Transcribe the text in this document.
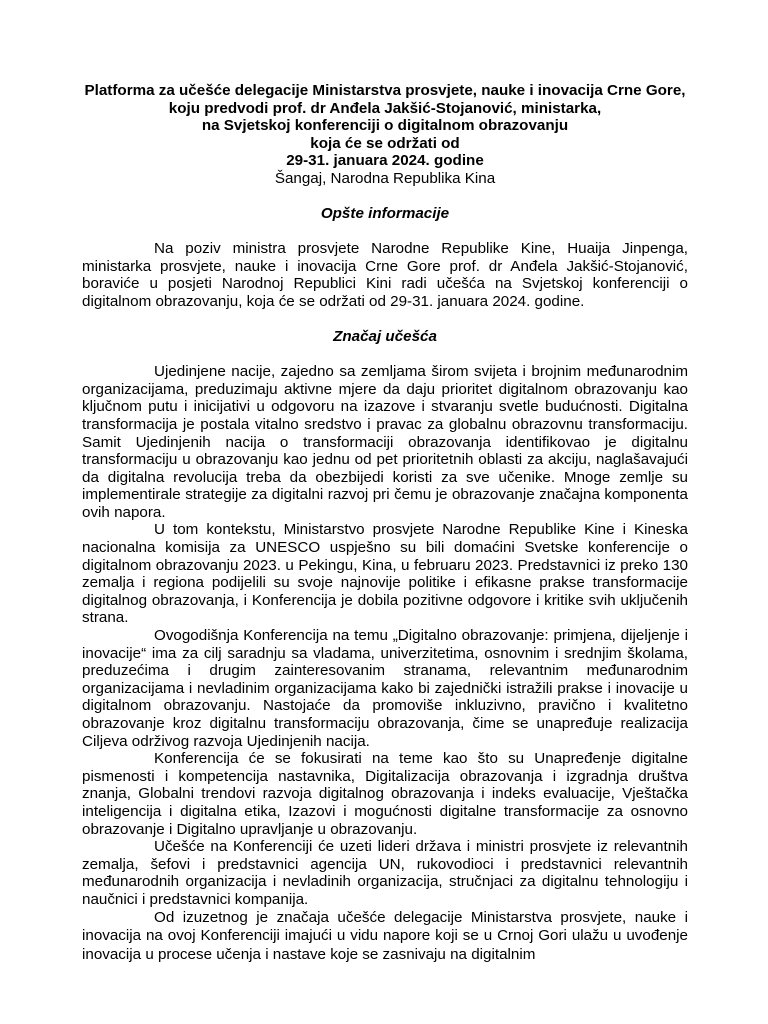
Platforma za učešće delegacije Ministarstva prosvjete, nauke i inovacija Crne Gore, koju predvodi prof. dr Anđela Jakšić-Stojanović, ministarka,
na Svjetskoj konferenciji o digitalnom obrazovanju
koja će se održati od
29-31. januara 2024. godine
Šangaj, Narodna Republika Kina
Opšte informacije

Na poziv ministra prosvjete Narodne Republike Kine, Huaija Jinpenga, ministarka prosvjete, nauke i inovacija Crne Gore prof. dr Anđela Jakšić-Stojanović, boraviće u posjeti Narodnoj Republici Kini radi učešća na Svjetskoj konferenciji o digitalnom obrazovanju, koja će se održati od 29-31. januara 2024. godine.

Značaj učešća

Ujedinjene nacije, zajedno sa zemljama širom svijeta i brojnim međunarodnim organizacijama, preduzimaju aktivne mjere da daju prioritet digitalnom obrazovanju kao ključnom putu i inicijativi u odgovoru na izazove i stvaranju svetle budućnosti. Digitalna transformacija je postala vitalno sredstvo i pravac za globalnu obrazovnu transformaciju. Samit Ujedinjenih nacija o transformaciji obrazovanja identifikovao je digitalnu transformaciju u obrazovanju kao jednu od pet prioritetnih oblasti za akciju, naglašavajući da digitalna revolucija treba da obezbijedi koristi za sve učenike. Mnoge zemlje su implementirale strategije za digitalni razvoj pri čemu je obrazovanje značajna komponenta ovih napora.

U tom kontekstu, Ministarstvo prosvjete Narodne Republike Kine i Kineska nacionalna komisija za UNESCO uspješno su bili domaćini Svetske konferencije o digitalnom obrazovanju 2023. u Pekingu, Kina, u februaru 2023. Predstavnici iz preko 130 zemalja i regiona podijelili su svoje najnovije politike i efikasne prakse transformacije digitalnog obrazovanja, i Konferencija je dobila pozitivne odgovore i kritike svih uključenih strana.

Ovogodišnja Konferencija na temu „Digitalno obrazovanje: primjena, dijeljenje i inovacije“ ima za cilj saradnju sa vladama, univerzitetima, osnovnim i srednjim školama, preduzećima i drugim zainteresovanim stranama, relevantnim međunarodnim organizacijama i nevladinim organizacijama kako bi zajednički istražili prakse i inovacije u digitalnom obrazovanju. Nastojaće da promoviše inkluzivno, pravično i kvalitetno obrazovanje kroz digitalnu transformaciju obrazovanja, čime se unapređuje realizacija Ciljeva održivog razvoja Ujedinjenih nacija.

Konferencija će se fokusirati na teme kao što su Unapređenje digitalne pismenosti i kompetencija nastavnika, Digitalizacija obrazovanja i izgradnja društva znanja, Globalni trendovi razvoja digitalnog obrazovanja i indeks evaluacije, Vještačka inteligencija i digitalna etika, Izazovi i mogućnosti digitalne transformacije za osnovno obrazovanje i Digitalno upravljanje u obrazovanju.

Učešće na Konferenciji će uzeti lideri država i ministri prosvjete iz relevantnih zemalja, šefovi i predstavnici agencija UN, rukovodioci i predstavnici relevantnih međunarodnih organizacija i nevladinih organizacija, stručnjaci za digitalnu tehnologiju i naučnici i predstavnici kompanija.

Od izuzetnog je značaja učešće delegacije Ministarstva prosvjete, nauke i inovacija na ovoj Konferenciji imajući u vidu napore koji se u Crnoj Gori ulažu u uvođenje inovacija u procese učenja i nastave koje se zasnivaju na digitalnim
